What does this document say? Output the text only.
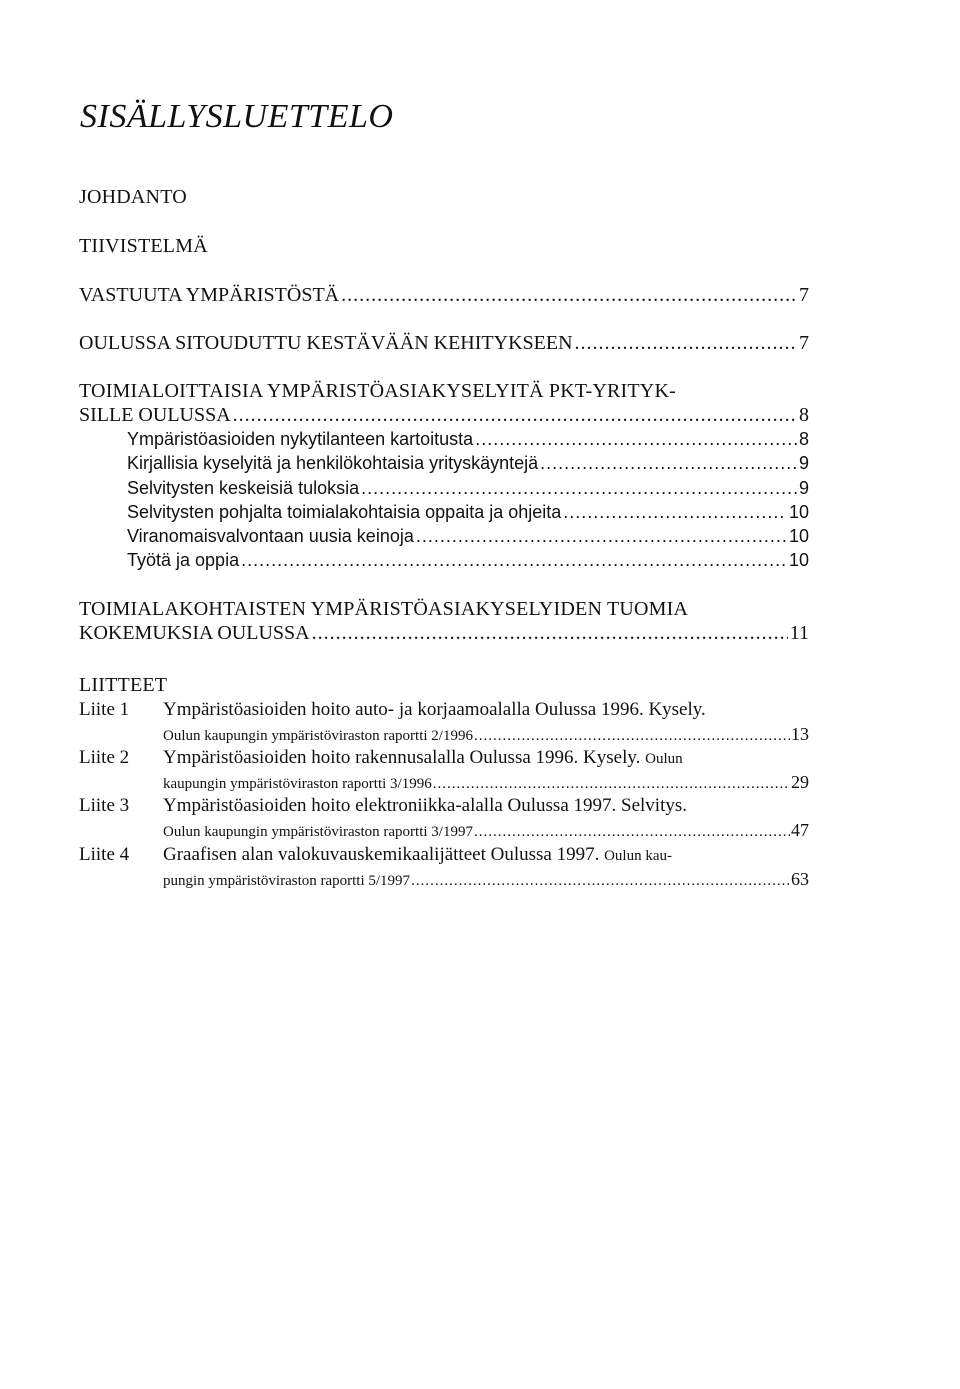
SISÄLLYSLUETTELO
JOHDANTO
TIIVISTELMÄ
VASTUUTA YMPÄRISTÖSTÄ .....	7
OULUSSA SITOUDUTTU KESTÄVÄÄN KEHITYKSEEN .....	7
TOIMIALOITTAISIA YMPÄRISTÖASIAKYSELYITÄ PKT-YRITYK-
SILLE OULUSSA .....	8
Ympäristöasioiden nykytilanteen kartoitusta .....	8
Kirjallisia kyselyitä ja henkilökohtaisia yrityskäyntejä .....	9
Selvitysten keskeisiä tuloksia .....	9
Selvitysten pohjalta toimialakohtaisia oppaita ja ohjeita .....	10
Viranomaisvalvontaan uusia keinoja .....	10
Työtä ja oppia .....	10
TOIMIALAKOHTAISTEN YMPÄRISTÖASIAKYSELYIDEN TUOMIA
KOKEMUKSIA OULUSSA .....	11
LIITTEET
Liite 1 Ympäristöasioiden hoito auto- ja korjaamoalalla Oulussa 1996. Kysely.
Oulun kaupungin ympäristöviraston raportti 2/1996 .....	13
Liite 2 Ympäristöasioiden hoito rakennusalalla Oulussa 1996. Kysely. Oulun
kaupungin ympäristöviraston raportti 3/1996 .....	29
Liite 3 Ympäristöasioiden hoito elektroniikka-alalla Oulussa 1997. Selvitys.
Oulun kaupungin ympäristöviraston raportti 3/1997 .....	47
Liite 4 Graafisen alan valokuvauskemikaalijätteet Oulussa 1997. Oulun kau-
pungin ympäristöviraston raportti 5/1997 .....	63
